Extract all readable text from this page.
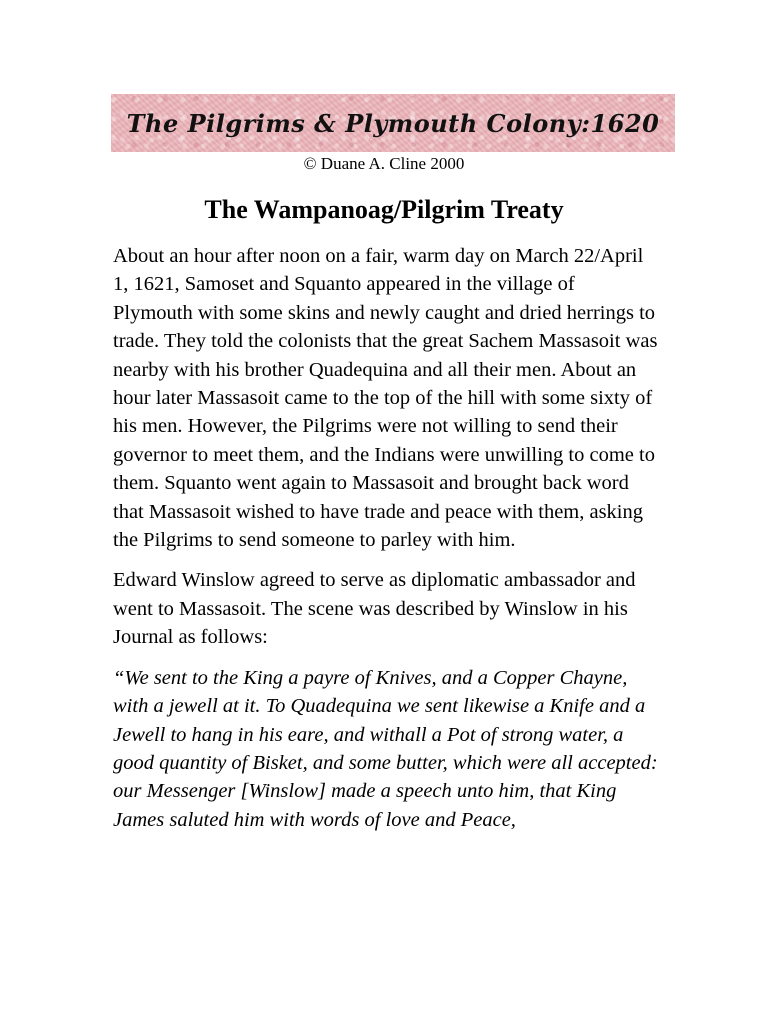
The Pilgrims & Plymouth Colony:1620
© Duane A. Cline 2000
The Wampanoag/Pilgrim Treaty

About an hour after noon on a fair, warm day on March 22/April 1, 1621, Samoset and Squanto appeared in the village of Plymouth with some skins and newly caught and dried herrings to trade. They told the colonists that the great Sachem Massasoit was nearby with his brother Quadequina and all their men. About an hour later Massasoit came to the top of the hill with some sixty of his men. However, the Pilgrims were not willing to send their governor to meet them, and the Indians were unwilling to come to them. Squanto went again to Massasoit and brought back word that Massasoit wished to have trade and peace with them, asking the Pilgrims to send someone to parley with him.

Edward Winslow agreed to serve as diplomatic ambassador and went to Massasoit. The scene was described by Winslow in his Journal as follows:

“We sent to the King a payre of Knives, and a Copper Chayne, with a jewell at it. To Quadequina we sent likewise a Knife and a Jewell to hang in his eare, and withall a Pot of strong water, a good quantity of Bisket, and some butter, which were all accepted: our Messenger [Winslow] made a speech unto him, that King James saluted him with words of love and Peace,
